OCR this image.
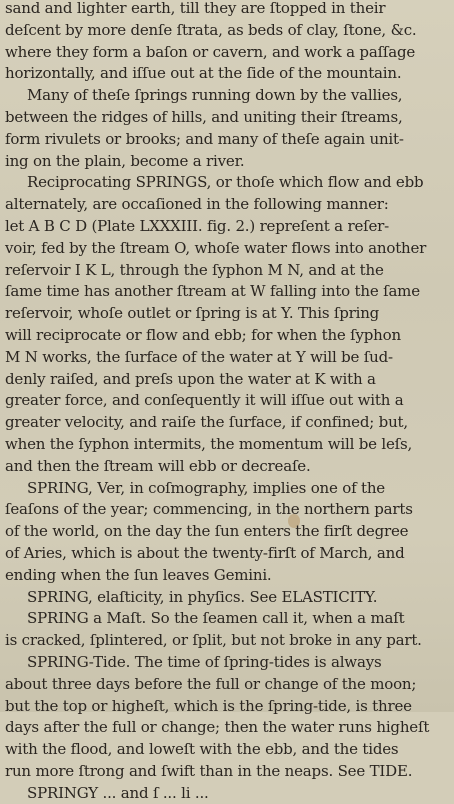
sand and lighter earth, till they are ſtopped in their
deſcent by more denſe ſtrata, as beds of clay, ſtone, &c.
where they form a baſon or cavern, and work a paſſage
horizontally, and iſſue out at the ſide of the mountain.
Many of theſe ſprings running down by the vallies,
between the ridges of hills, and uniting their ſtreams,
form rivulets or brooks; and many of theſe again unit-
ing on the plain, become a river.
Reciprocating SPRINGS, or thoſe which flow and ebb
alternately, are occaſioned in the following manner:
let A B C D (Plate LXXXIII. fig. 2.) repreſent a reſer-
voir, fed by the ſtream O, whoſe water flows into another
reſervoir I K L, through the ſyphon M N, and at the
ſame time has another ſtream at W falling into the ſame
reſervoir, whoſe outlet or ſpring is at Y. This ſpring
will reciprocate or flow and ebb; for when the ſyphon
M N works, the ſurface of the water at Y will be ſud-
denly raiſed, and preſs upon the water at K with a
greater force, and conſequently it will iſſue out with a
greater velocity, and raiſe the ſurface, if confined; but,
when the ſyphon intermits, the momentum will be leſs,
and then the ſtream will ebb or decreaſe.
SPRING, Ver, in coſmography, implies one of the
ſeaſons of the year; commencing, in the northern parts
of the world, on the day the ſun enters the firſt degree
of Aries, which is about the twenty-firſt of March, and
ending when the ſun leaves Gemini.
SPRING, elaſticity, in phyſics. See ELASTICITY.
SPRING a Maſt. So the ſeamen call it, when a maſt
is cracked, ſplintered, or ſplit, but not broke in any part.
SPRING-Tide. The time of ſpring-tides is always
about three days before the full or change of the moon;
but the top or higheſt, which is the ſpring-tide, is three
days after the full or change; then the water runs higheſt
with the flood, and loweſt with the ebb, and the tides
run more ſtrong and ſwift than in the neaps. See TIDE.
SPRINGY ... and ſ ... li ...
